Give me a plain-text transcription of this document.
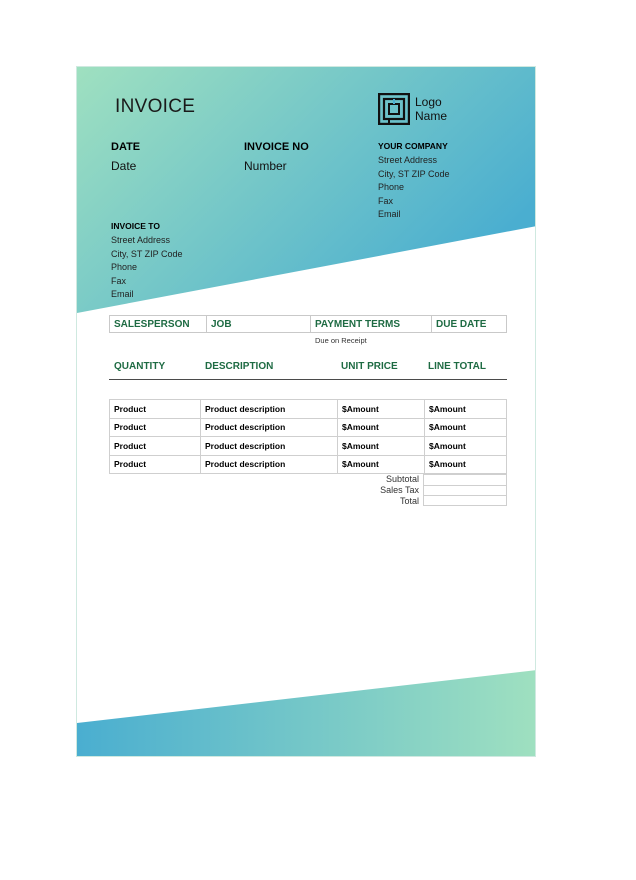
INVOICE
DATE
Date
INVOICE NO
Number
Logo
Name
YOUR COMPANY
Street Address
City, ST ZIP Code
Phone
Fax
Email
INVOICE TO
Street Address
City, ST ZIP Code
Phone
Fax
Email
SALESPERSON	JOB	PAYMENT TERMS	DUE DATE
Due on Receipt
QUANTITY	DESCRIPTION	UNIT PRICE	LINE TOTAL
Product	Product description	$Amount	$Amount
Product	Product description	$Amount	$Amount
Product	Product description	$Amount	$Amount
Product	Product description	$Amount	$Amount
Subtotal
Sales Tax
Total
